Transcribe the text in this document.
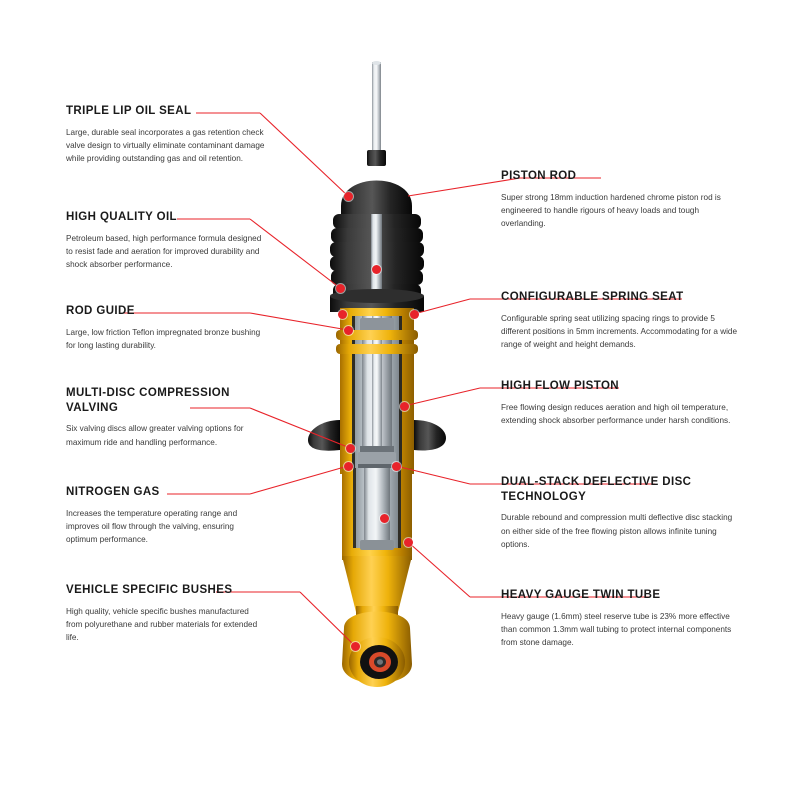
TRIPLE LIP OIL SEAL
Large, durable seal incorporates a gas retention check valve design to virtually eliminate contaminant damage while providing outstanding gas and oil retention.
HIGH QUALITY OIL
Petroleum based, high performance formula designed to resist fade and aeration for improved durability and shock absorber performance.
ROD GUIDE
Large, low friction Teflon impregnated bronze bushing for long lasting durability.
MULTI-DISC COMPRESSION VALVING
Six valving discs allow greater valving options for maximum ride and handling performance.
NITROGEN GAS
Increases the temperature operating range and improves oil flow through the valving, ensuring optimum performance.
VEHICLE SPECIFIC BUSHES
High quality, vehicle specific bushes manufactured from polyurethane and rubber materials for extended life.
PISTON ROD
Super strong 18mm induction hardened chrome piston rod is engineered to handle rigours of heavy loads and tough overlanding.
CONFIGURABLE SPRING SEAT
Configurable spring seat utilizing spacing rings to provide 5 different positions in 5mm increments. Accommodating for a wide range of weight and height demands.
HIGH FLOW PISTON
Free flowing design reduces aeration and high oil temperature, extending shock absorber performance under harsh conditions.
DUAL-STACK DEFLECTIVE DISC TECHNOLOGY
Durable rebound and compression multi deflective disc stacking on either side of the free flowing piston allows infinite tuning options.
HEAVY GAUGE TWIN TUBE
Heavy gauge (1.6mm) steel reserve tube is 23% more effective than common 1.3mm wall tubing to protect internal components from stone damage.
